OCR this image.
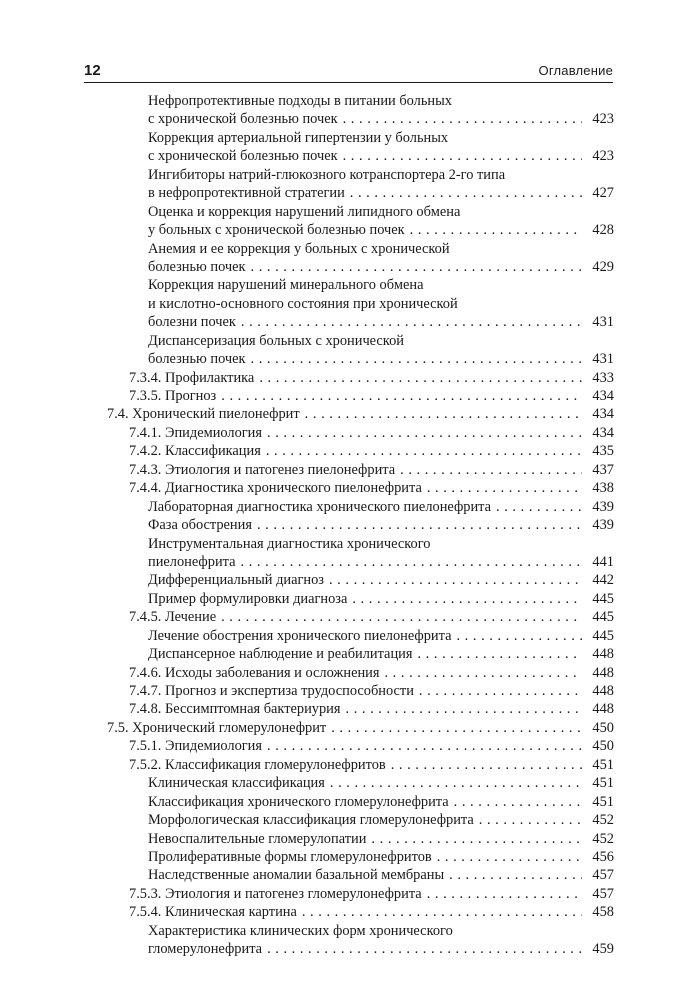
12	Оглавление
Нефропротективные подходы в питании больных
с хронической болезнью почек . . .	423
Коррекция артериальной гипертензии у больных
с хронической болезнью почек . . .	423
Ингибиторы натрий-глюкозного котранспортера 2-го типа
в нефропротективной стратегии . . .	427
Оценка и коррекция нарушений липидного обмена
у больных с хронической болезнью почек . . .	428
Анемия и ее коррекция у больных с хронической
болезнью почек . . .	429
Коррекция нарушений минерального обмена
и кислотно-основного состояния при хронической
болезни почек . . .	431
Диспансеризация больных с хронической
болезнью почек . . .	431
7.3.4. Профилактика . . .	433
7.3.5. Прогноз . . .	434
7.4. Хронический пиелонефрит . . .	434
7.4.1. Эпидемиология . . .	434
7.4.2. Классификация . . .	435
7.4.3. Этиология и патогенез пиелонефрита . . .	437
7.4.4. Диагностика хронического пиелонефрита . . .	438
Лабораторная диагностика хронического пиелонефрита . . .	439
Фаза обострения . . .	439
Инструментальная диагностика хронического
пиелонефрита . . .	441
Дифференциальный диагноз . . .	442
Пример формулировки диагноза . . .	445
7.4.5. Лечение . . .	445
Лечение обострения хронического пиелонефрита . . .	445
Диспансерное наблюдение и реабилитация . . .	448
7.4.6. Исходы заболевания и осложнения . . .	448
7.4.7. Прогноз и экспертиза трудоспособности . . .	448
7.4.8. Бессимптомная бактериурия . . .	448
7.5. Хронический гломерулонефрит . . .	450
7.5.1. Эпидемиология . . .	450
7.5.2. Классификация гломерулонефритов . . .	451
Клиническая классификация . . .	451
Классификация хронического гломерулонефрита . . .	451
Морфологическая классификация гломерулонефрита . . .	452
Невоспалительные гломерулопатии . . .	452
Пролиферативные формы гломерулонефритов . . .	456
Наследственные аномалии базальной мембраны . . .	457
7.5.3. Этиология и патогенез гломерулонефрита . . .	457
7.5.4. Клиническая картина . . .	458
Характеристика клинических форм хронического
гломерулонефрита . . .	459
